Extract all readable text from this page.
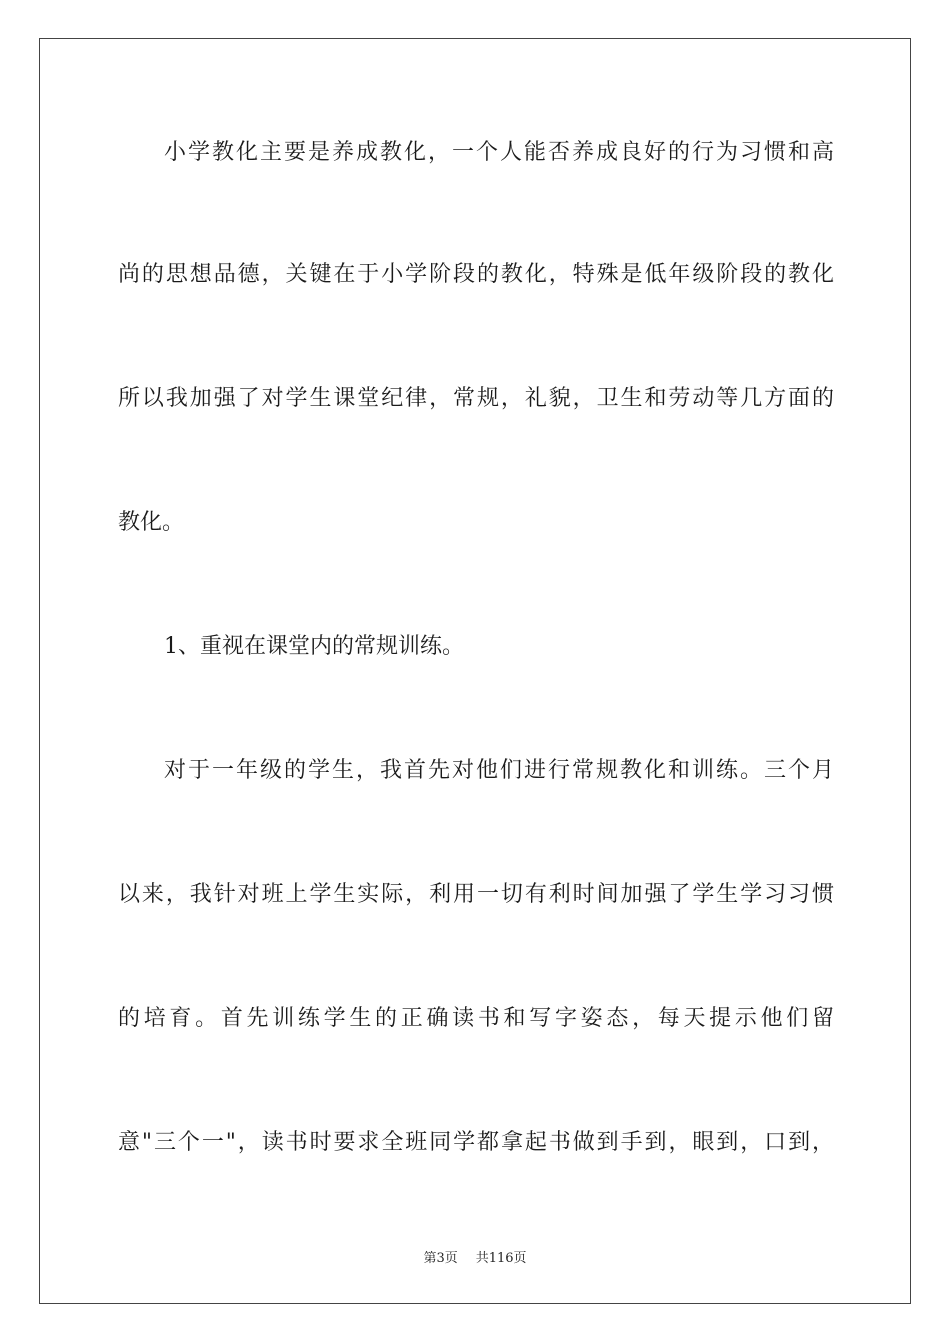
小学教化主要是养成教化，一个人能否养成良好的行为习惯和高
尚的思想品德，关键在于小学阶段的教化，特殊是低年级阶段的教化
所以我加强了对学生课堂纪律，常规，礼貌，卫生和劳动等几方面的
教化。
1、重视在课堂内的常规训练。
对于一年级的学生，我首先对他们进行常规教化和训练。三个月
以来，我针对班上学生实际，利用一切有利时间加强了学生学习习惯
的培育。首先训练学生的正确读书和写字姿态，每天提示他们留
意"三个一"，读书时要求全班同学都拿起书做到手到，眼到，口到，
第3页 共116页
